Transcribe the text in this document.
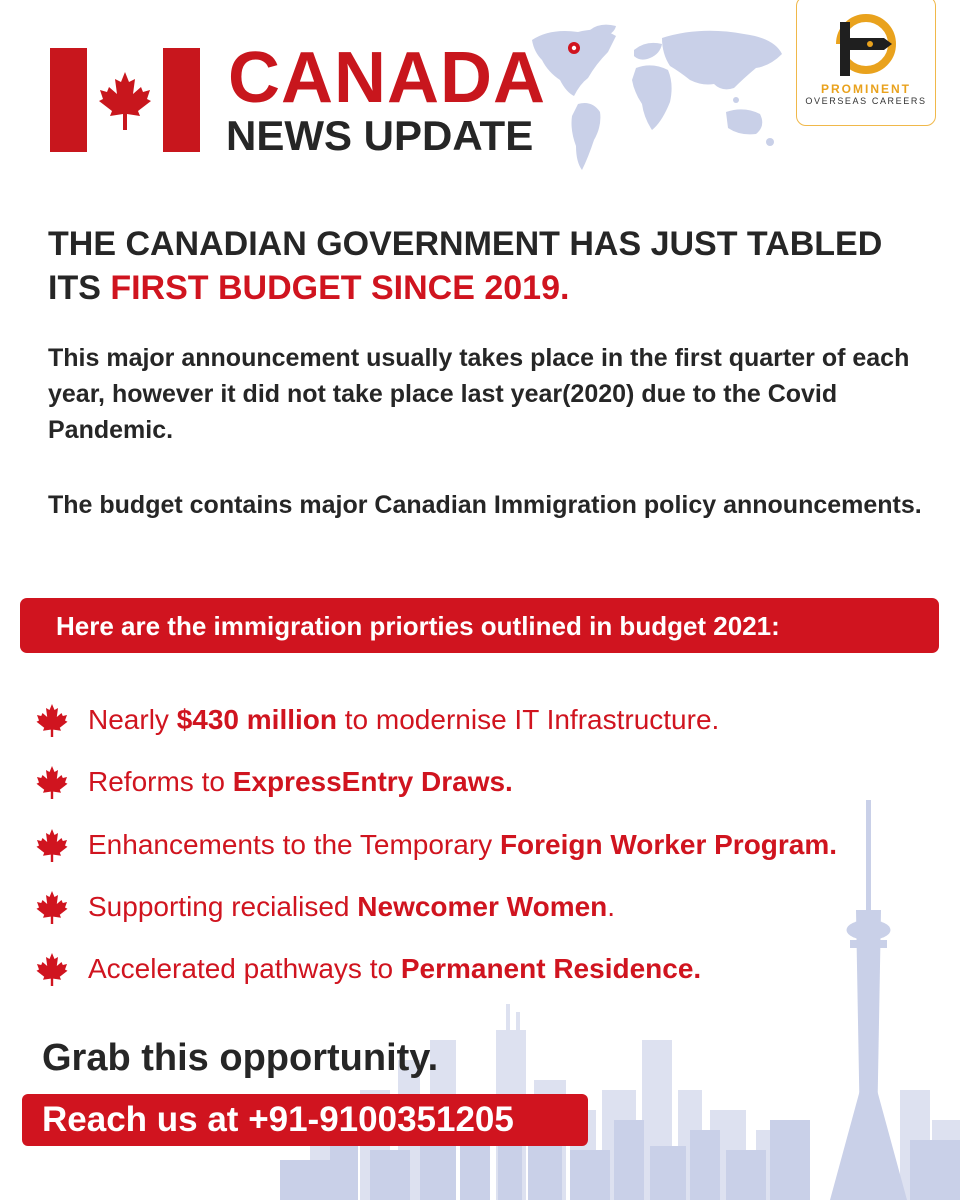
CANADA
NEWS UPDATE
PROMINENT
OVERSEAS CAREERS
THE CANADIAN GOVERNMENT HAS JUST TABLED ITS FIRST BUDGET SINCE 2019.
This major announcement usually takes place in the first quarter of each year, however it did not take place last year(2020) due to the Covid Pandemic.
The budget contains major Canadian Immigration policy announcements.
Here are the immigration priorties outlined in budget 2021:
Nearly $430 million to modernise IT Infrastructure.
Reforms to ExpressEntry Draws.
Enhancements to the Temporary Foreign Worker Program.
Supporting recialised Newcomer Women.
Accelerated pathways to Permanent Residence.
Grab this opportunity.
Reach us at +91-9100351205
